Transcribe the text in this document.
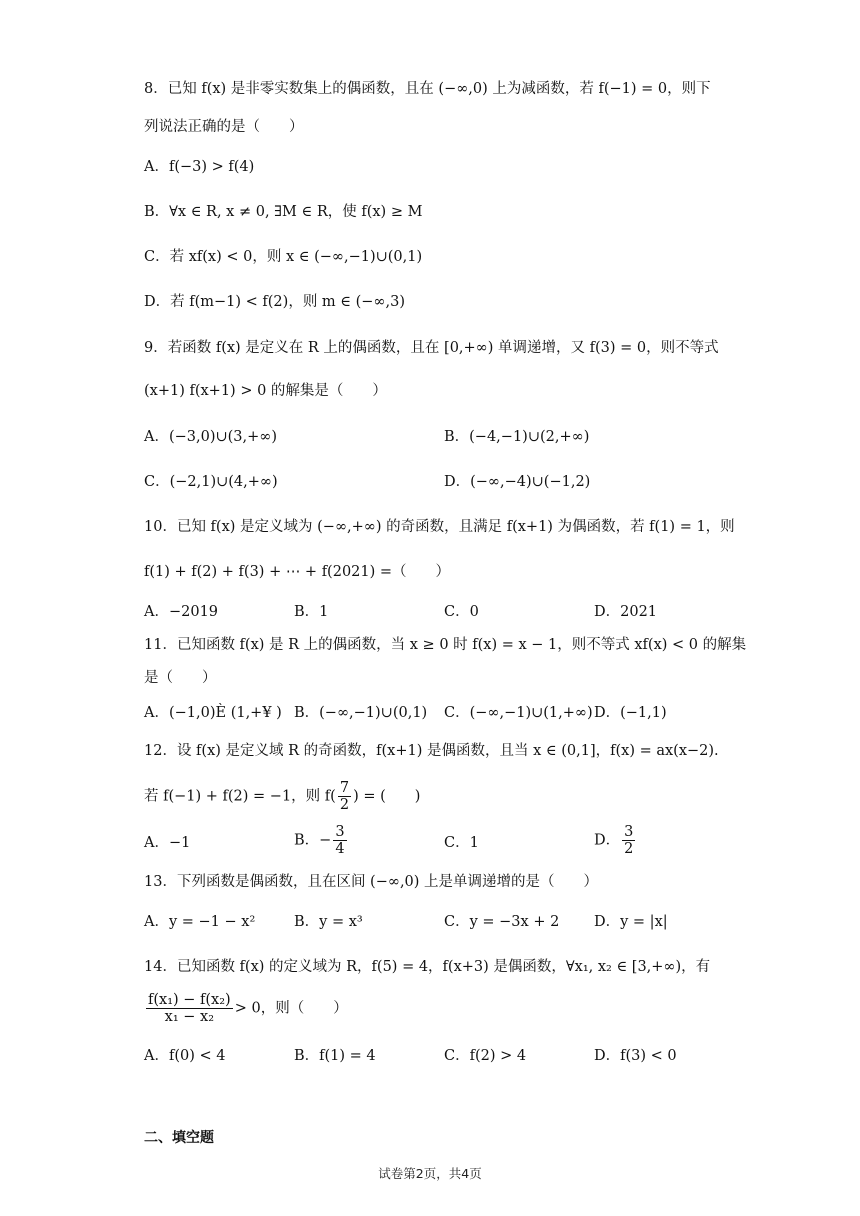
8．已知 f(x) 是非零实数集上的偶函数，且在 (−∞,0) 上为减函数，若 f(−1) = 0，则下
列说法正确的是（　　）
A．f(−3) > f(4)
B．∀x ∈ R, x ≠ 0, ∃M ∈ R，使 f(x) ≥ M
C．若 xf(x) < 0，则 x ∈ (−∞,−1)∪(0,1)
D．若 f(m−1) < f(2)，则 m ∈ (−∞,3)
9．若函数 f(x) 是定义在 R 上的偶函数，且在 [0,+∞) 单调递增，又 f(3) = 0，则不等式
(x+1) f(x+1) > 0 的解集是（　　）
A．(−3,0)∪(3,+∞)	B．(−4,−1)∪(2,+∞)
C．(−2,1)∪(4,+∞)	D．(−∞,−4)∪(−1,2)
10．已知 f(x) 是定义域为 (−∞,+∞) 的奇函数，且满足 f(x+1) 为偶函数，若 f(1) = 1，则
f(1) + f(2) + f(3) + ⋯ + f(2021) =（　　）
A．−2019	B．1	C．0	D．2021
11．已知函数 f(x) 是 R 上的偶函数，当 x ≥ 0 时 f(x) = x − 1，则不等式 xf(x) < 0 的解集
是（　　）
A．(−1,0)È (1,+¥ ) B．(−∞,−1)∪(0,1) C．(−∞,−1)∪(1,+∞) D．(−1,1)
12．设 f(x) 是定义域 R 的奇函数，f(x+1) 是偶函数，且当 x ∈ (0,1]，f(x) = ax(x−2).
若 f(−1) + f(2) = −1，则 $f( \frac{7}{2}$ ) = (　　)
A．−1	B．− $\frac{3}{4}$	C．1	D． $\frac{3}{2}$
13．下列函数是偶函数，且在区间 (−∞,0) 上是单调递增的是（　　）
A．y = −1 − x²	B．y = x³	C．y = −3x + 2 D．y = |x|
14．已知函数 f(x) 的定义域为 R，f(5) = 4，f(x+3) 是偶函数，∀x₁, x₂ ∈ [3,+∞)，有
$\frac{\text{f(x₁) − f(x₂)}}{\text{x₁ − x₂}} > 0$，则（　　）
A．f(0) < 4	B．f(1) = 4	C．f(2) > 4	D．f(3) < 0
二、填空题
试卷第2页，共4页
